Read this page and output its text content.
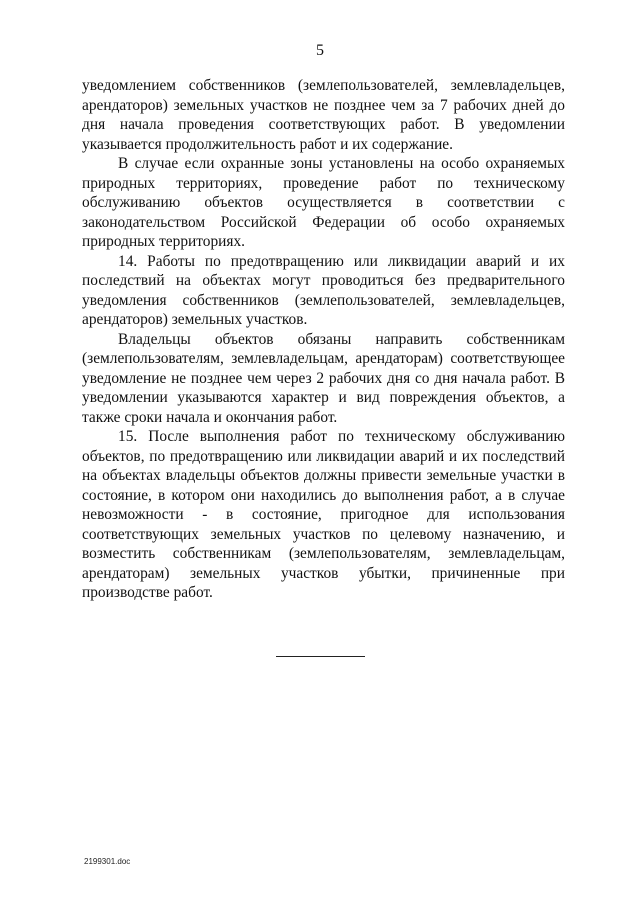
5

уведомлением собственников (землепользователей, землевладельцев, арендаторов) земельных участков не позднее чем за 7 рабочих дней до дня начала проведения соответствующих работ. В уведомлении указывается продолжительность работ и их содержание.

В случае если охранные зоны установлены на особо охраняемых природных территориях, проведение работ по техническому обслуживанию объектов осуществляется в соответствии с законодательством Российской Федерации об особо охраняемых природных территориях.

14. Работы по предотвращению или ликвидации аварий и их последствий на объектах могут проводиться без предварительного уведомления собственников (землепользователей, землевладельцев, арендаторов) земельных участков.

Владельцы объектов обязаны направить собственникам (землепользователям, землевладельцам, арендаторам) соответствующее уведомление не позднее чем через 2 рабочих дня со дня начала работ. В уведомлении указываются характер и вид повреждения объектов, а также сроки начала и окончания работ.

15. После выполнения работ по техническому обслуживанию объектов, по предотвращению или ликвидации аварий и их последствий на объектах владельцы объектов должны привести земельные участки в состояние, в котором они находились до выполнения работ, а в случае невозможности - в состояние, пригодное для использования соответствующих земельных участков по целевому назначению, и возместить собственникам (землепользователям, землевладельцам, арендаторам) земельных участков убытки, причиненные при производстве работ.

2199301.doc
